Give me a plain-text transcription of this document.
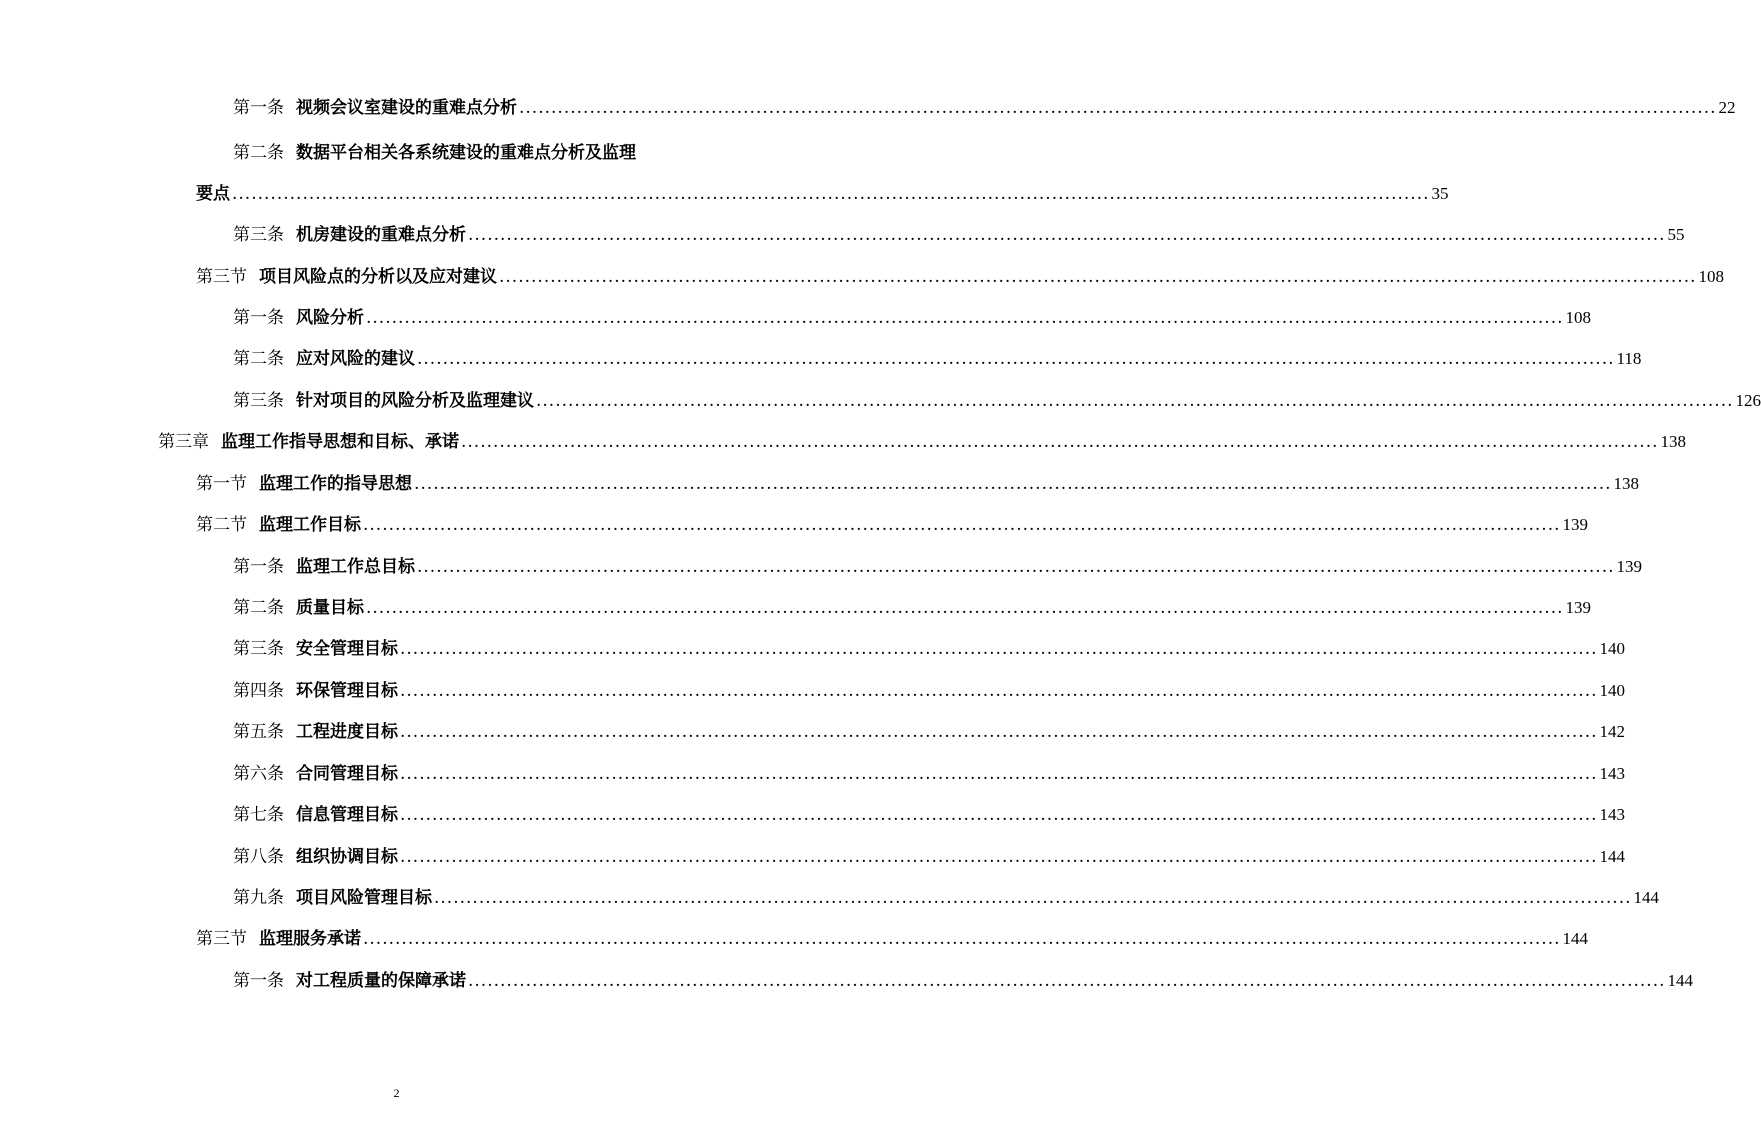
第一条 视频会议室建设的重难点分析 .....	22
第二条 数据平台相关各系统建设的重难点分析及监理
要点 .....	35
第三条 机房建设的重难点分析 .....	55
第三节 项目风险点的分析以及应对建议 .....	108
第一条 风险分析 .....	108
第二条 应对风险的建议 .....	118
第三条 针对项目的风险分析及监理建议 .....	126
第三章 监理工作指导思想和目标、承诺 .....	138
第一节 监理工作的指导思想 .....	138
第二节 监理工作目标 .....	139
第一条 监理工作总目标 .....	139
第二条 质量目标 .....	139
第三条 安全管理目标 .....	140
第四条 环保管理目标 .....	140
第五条 工程进度目标 .....	142
第六条 合同管理目标 .....	143
第七条 信息管理目标 .....	143
第八条 组织协调目标 .....	144
第九条 项目风险管理目标 .....	144
第三节 监理服务承诺 .....	144
第一条 对工程质量的保障承诺 .....	144
2
